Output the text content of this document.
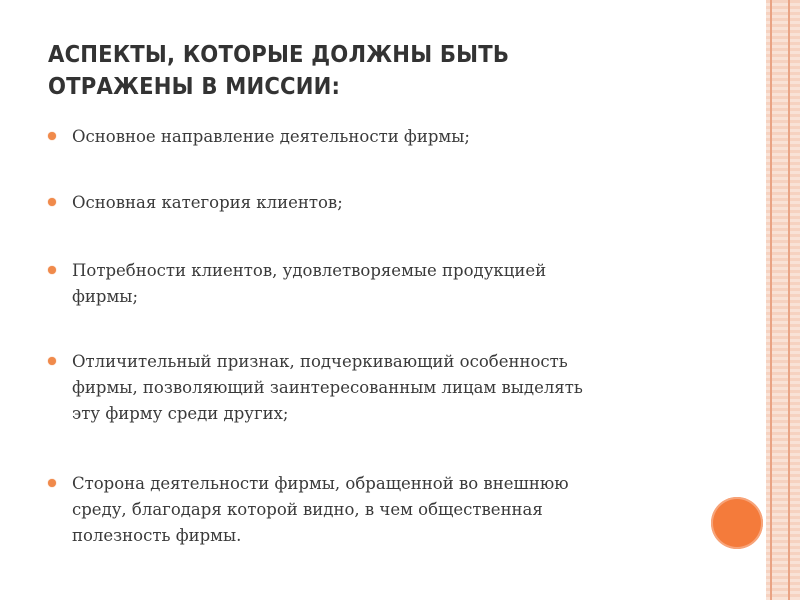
АСПЕКТЫ, КОТОРЫЕ ДОЛЖНЫ БЫТЬ
ОТРАЖЕНЫ В МИССИИ:
Основное направление деятельности фирмы;
Основная категория клиентов;
Потребности клиентов, удовлетворяемые продукцией
фирмы;
Отличительный признак, подчеркивающий особенность
фирмы, позволяющий заинтересованным лицам выделять
эту фирму среди других;
Сторона деятельности фирмы, обращенной во внешнюю
среду, благодаря которой видно, в чем общественная
полезность фирмы.
